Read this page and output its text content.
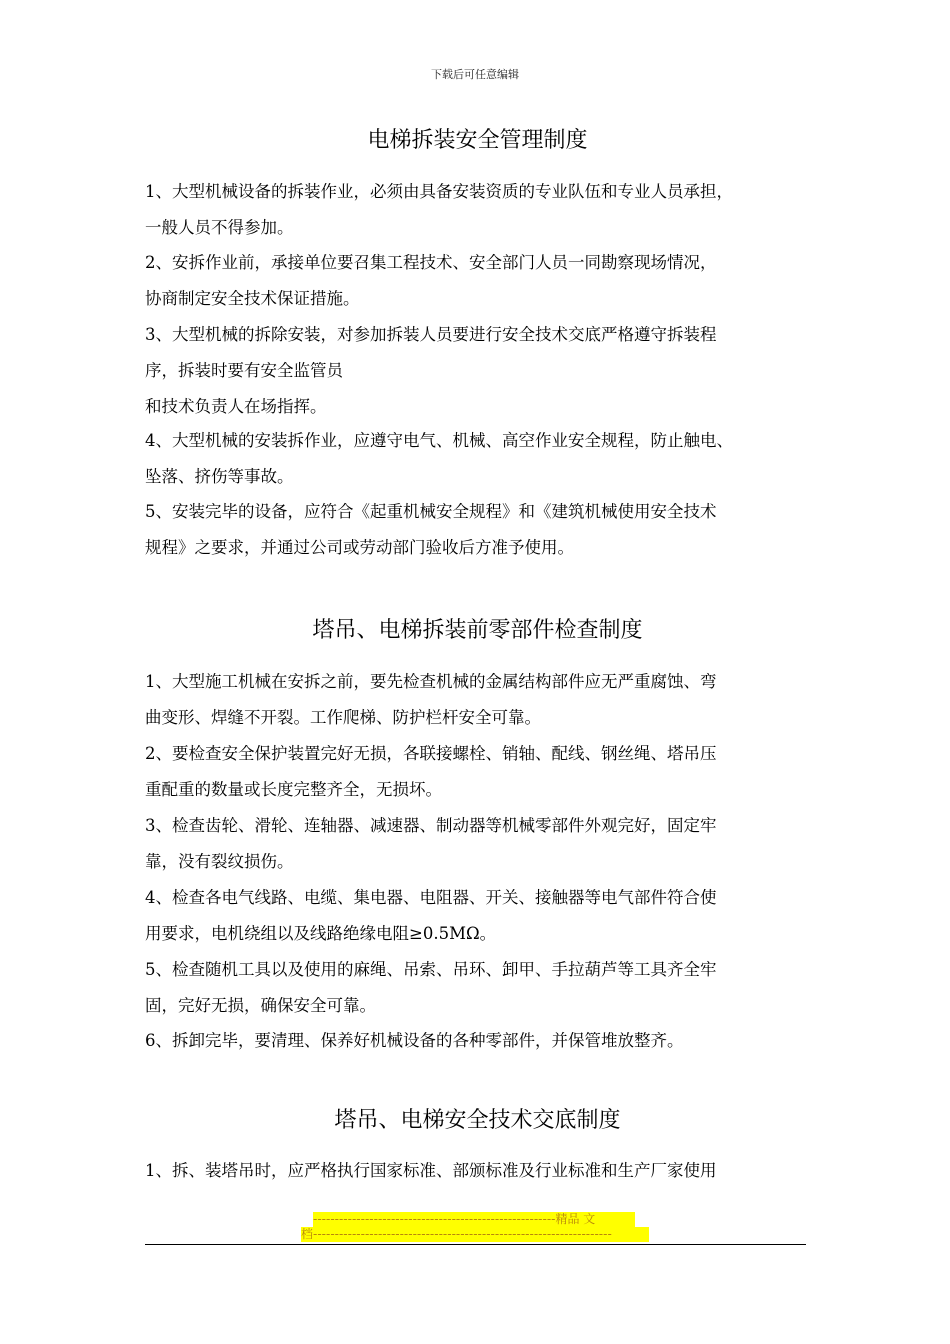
下载后可任意编辑
电梯拆装安全管理制度

1、大型机械设备的拆装作业，必须由具备安装资质的专业队伍和专业人员承担，
一般人员不得参加。

2、安拆作业前，承接单位要召集工程技术、安全部门人员一同勘察现场情况，
协商制定安全技术保证措施。

3、大型机械的拆除安装，对参加拆装人员要进行安全技术交底严格遵守拆装程
序，拆装时要有安全监管员
和技术负责人在场指挥。

4、大型机械的安装拆作业，应遵守电气、机械、高空作业安全规程，防止触电、
坠落、挤伤等事故。

5、安装完毕的设备，应符合《起重机械安全规程》和《建筑机械使用安全技术
规程》之要求，并通过公司或劳动部门验收后方准予使用。

塔吊、电梯拆装前零部件检查制度

1、大型施工机械在安拆之前，要先检查机械的金属结构部件应无严重腐蚀、弯
曲变形、焊缝不开裂。工作爬梯、防护栏杆安全可靠。

2、要检查安全保护装置完好无损，各联接螺栓、销轴、配线、钢丝绳、塔吊压
重配重的数量或长度完整齐全，无损坏。

3、检查齿轮、滑轮、连轴器、减速器、制动器等机械零部件外观完好，固定牢
靠，没有裂纹损伤。

4、检查各电气线路、电缆、集电器、电阻器、开关、接触器等电气部件符合使
用要求，电机绕组以及线路绝缘电阻≥0.5MΩ。

5、检查随机工具以及使用的麻绳、吊索、吊环、卸甲、手拉葫芦等工具齐全牢
固，完好无损，确保安全可靠。

6、拆卸完毕，要清理、保养好机械设备的各种零部件，并保管堆放整齐。

塔吊、电梯安全技术交底制度

1、拆、装塔吊时，应严格执行国家标准、部颁标准及行业标准和生产厂家使用

--------------------------------------------------------精品 文
档---------------------------------------------------------------------
